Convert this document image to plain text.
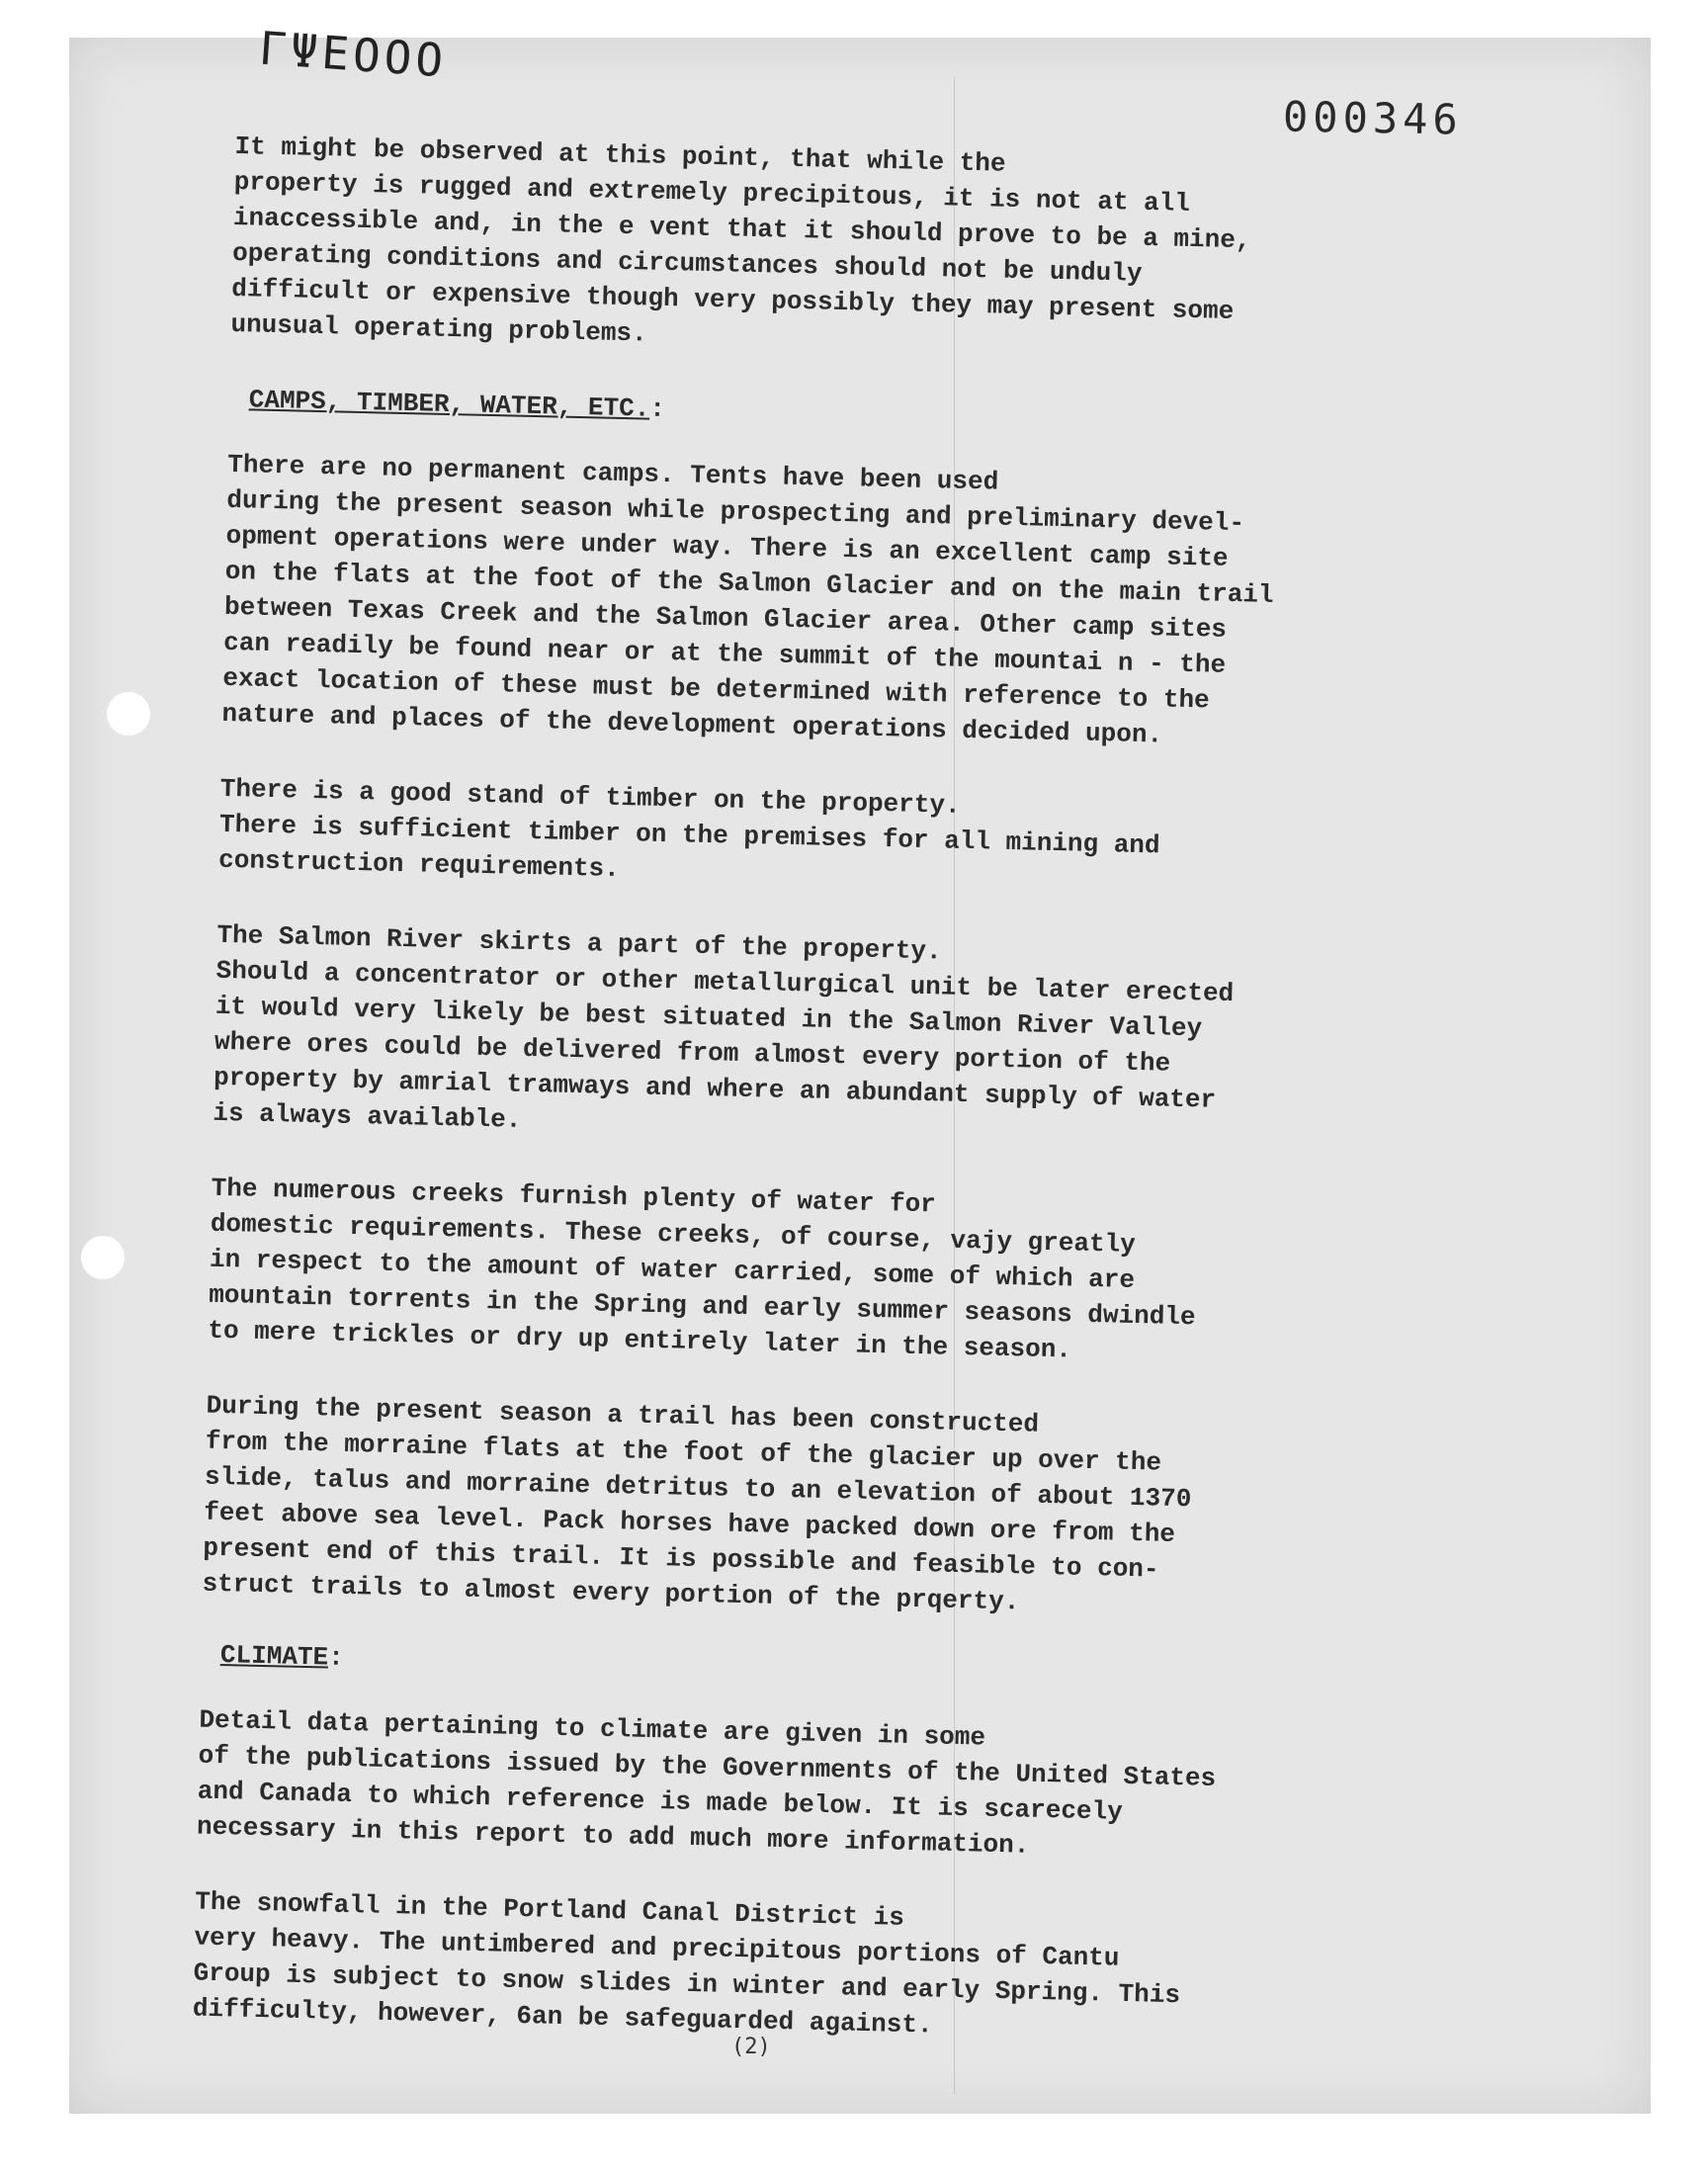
ΓΨΕΟΟΟ
000346
It might be observed at this point, that while the
property is rugged and extremely precipitous, it is not at all
inaccessible and, in the e vent that it should prove to be a mine,
operating conditions and circumstances should not be unduly
difficult or expensive though very possibly they may present some
unusual operating problems.
CAMPS, TIMBER, WATER, ETC.:
There are no permanent camps. Tents have been used
during the present season while prospecting and preliminary devel-
opment operations were under way. There is an excellent camp site
on the flats at the foot of the Salmon Glacier and on the main trail
between Texas Creek and the Salmon Glacier area. Other camp sites
can readily be found near or at the summit of the mountai n - the
exact location of these must be determined with reference to the
nature and places of the development operations decided upon.
There is a good stand of timber on the property.
There is sufficient timber on the premises for all mining and
construction requirements.
The Salmon River skirts a part of the property.
Should a concentrator or other metallurgical unit be later erected
it would very likely be best situated in the Salmon River Valley
where ores could be delivered from almost every portion of the
property by amrial tramways and where an abundant supply of water
is always available.
The numerous creeks furnish plenty of water for
domestic requirements. These creeks, of course, vajy greatly
in respect to the amount of water carried, some of which are
mountain torrents in the Spring and early summer seasons dwindle
to mere trickles or dry up entirely later in the season.
During the present season a trail has been constructed
from the morraine flats at the foot of the glacier up over the
slide, talus and morraine detritus to an elevation of about 1370
feet above sea level. Pack horses have packed down ore from the
present end of this trail. It is possible and feasible to con-
struct trails to almost every portion of the prqerty.
CLIMATE:
Detail data pertaining to climate are given in some
of the publications issued by the Governments of the United States
and Canada to which reference is made below. It is scarecely
necessary in this report to add much more information.
The snowfall in the Portland Canal District is
very heavy. The untimbered and precipitous portions of Cantu
Group is subject to snow slides in winter and early Spring. This
difficulty, however, 6an be safeguarded against.
(2)
